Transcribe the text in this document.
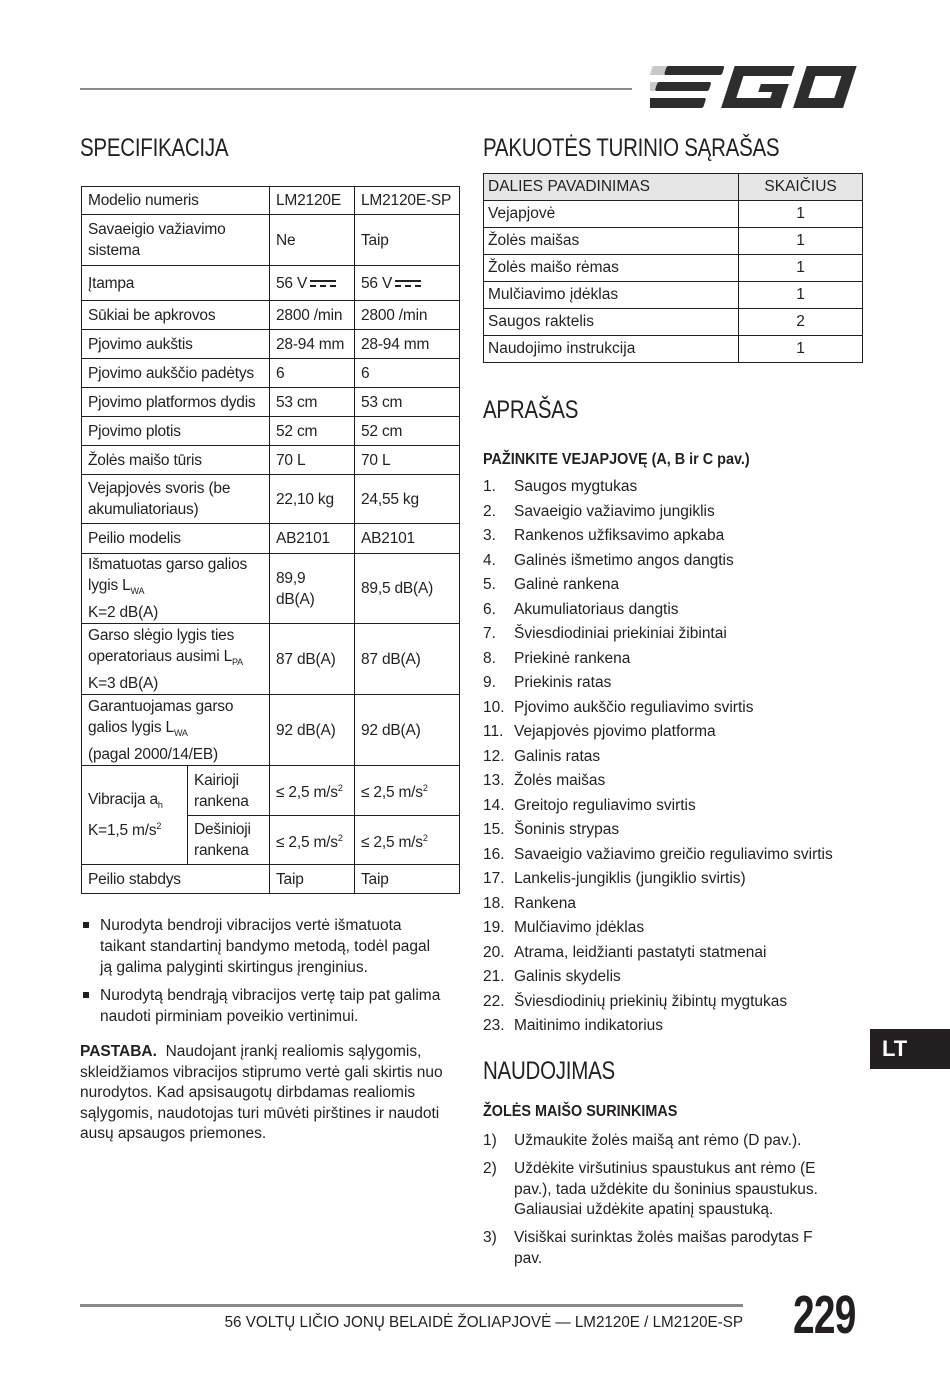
SPECIFIKACIJA
Modelio numeris		LM2120E	LM2120E-SP
Savaeigio važiavimo sistema		Ne	Taip
Įtampa		56 V	56 V

Sūkiai be apkrovos		2800 /min	2800 /min
Pjovimo aukštis		28-94 mm	28-94 mm
Pjovimo aukščio padėtys		6	6
Pjovimo platformos dydis		53 cm	53 cm
Pjovimo plotis		52 cm	52 cm
Žolės maišo tūris		70 L	70 L
Vejapjovės svoris (be akumuliatoriaus)		22,10 kg	24,55 kg
Peilio modelis		AB2101	AB2101
Išmatuotas garso galios lygis $L_{WA}$
K=2 dB(A)		89,9 dB(A)	89,5 dB(A)
Garso slėgio lygis ties operatoriaus ausimi $L_{PA}$
K=3 dB(A)		87 dB(A)	87 dB(A)
Garantuojamas garso galios lygis $L_{WA}$
(pagal 2000/14/EB)		92 dB(A)	92 dB(A)
Vibracija $a_h$
K=1,5 $m/s^2$	Kairioji rankena	≤ 2,5 $m/s^2$	≤ 2,5 $m/s^2$
	Dešinioji rankena	≤ 2,5 $m/s^2$	≤ 2,5 $m/s^2$
Peilio stabdys		Taip	Taip
Nurodyta bendroji vibracijos vertė išmatuota taikant standartinį bandymo metodą, todėl pagal ją galima palyginti skirtingus įrenginius.
Nurodytą bendrąją vibracijos vertę taip pat galima naudoti pirminiam poveikio vertinimui.
PASTABA. Naudojant įrankį realiomis sąlygomis, skleidžiamos vibracijos stiprumo vertė gali skirtis nuo nurodytos. Kad apsisaugotų dirbdamas realiomis sąlygomis, naudotojas turi mūvėti pirštines ir naudoti ausų apsaugos priemones.
PAKUOTĖS TURINIO SĄRAŠAS
DALIES PAVADINIMAS	SKAIČIUS
Vejapjovė	1
Žolės maišas	1
Žolės maišo rėmas	1
Mulčiavimo įdėklas	1
Saugos raktelis	2
Naudojimo instrukcija	1
APRAŠAS
PAŽINKITE VEJAPJOVĘ (A, B ir C pav.)
1. Saugos mygtukas
2. Savaeigio važiavimo jungiklis
3. Rankenos užfiksavimo apkaba
4. Galinės išmetimo angos dangtis
5. Galinė rankena
6. Akumuliatoriaus dangtis
7. Šviesdiodiniai priekiniai žibintai
8. Priekinė rankena
9. Priekinis ratas
10. Pjovimo aukščio reguliavimo svirtis
11. Vejapjovės pjovimo platforma
12. Galinis ratas
13. Žolės maišas
14. Greitojo reguliavimo svirtis
15. Šoninis strypas
16. Savaeigio važiavimo greičio reguliavimo svirtis
17. Lankelis-jungiklis (jungiklio svirtis)
18. Rankena
19. Mulčiavimo įdėklas
20. Atrama, leidžianti pastatyti statmenai
21. Galinis skydelis
22. Šviesdiodinių priekinių žibintų mygtukas
23. Maitinimo indikatorius
NAUDOJIMAS
ŽOLĖS MAIŠO SURINKIMAS
1)	Užmaukite žolės maišą ant rėmo (D pav.).
2)	Uždėkite viršutinius spaustukus ant rėmo (E pav.), tada uždėkite du šoninius spaustukus. Galiausiai uždėkite apatinį spaustuką.
3)	Visiškai surinktas žolės maišas parodytas F pav.
LT
56 VOLTŲ LIČIO JONŲ BELAIDĖ ŽOLIAPJOVĖ — LM2120E / LM2120E-SP 229
